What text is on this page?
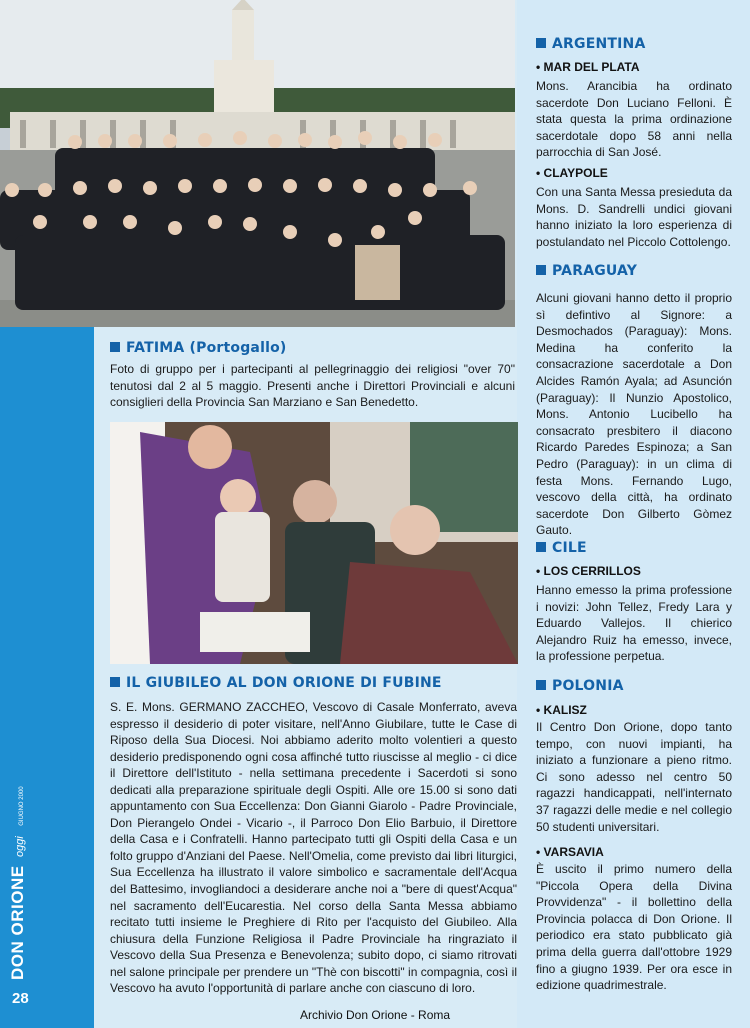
DON ORIONE oggi GIUGNO 2000
28
FATIMA (Portogallo)
Foto di gruppo per i partecipanti al pellegrinaggio dei religiosi "over 70" tenutosi dal 2 al 5 maggio. Presenti anche i Direttori Provinciali e alcuni consiglieri della Provincia San Marziano e San Benedetto.
IL GIUBILEO AL DON ORIONE DI FUBINE
S. E. Mons. GERMANO ZACCHEO, Vescovo di Casale Monferrato, aveva espresso il desiderio di poter visitare, nell'Anno Giubilare, tutte le Case di Riposo della Sua Diocesi. Noi abbiamo aderito molto volentieri a questo desiderio predisponendo ogni cosa affinché tutto riuscisse al meglio - ci dice il Direttore dell'Istituto - nella settimana precedente i Sacerdoti si sono dedicati alla preparazione spirituale degli Ospiti. Alle ore 15.00 si sono dati appuntamento con Sua Eccellenza: Don Gianni Giarolo - Padre Provinciale, Don Pierangelo Ondei - Vicario -, il Parroco Don Elio Barbuio, il Direttore della Casa e i Confratelli. Hanno partecipato tutti gli Ospiti della Casa e un folto gruppo d'Anziani del Paese. Nell'Omelia, come previsto dai libri liturgici, Sua Eccellenza ha illustrato il valore simbolico e sacramentale dell'Acqua del Battesimo, invogliandoci a desiderare anche noi a "bere di quest'Acqua" nel sacramento dell'Eucarestia. Nel corso della Santa Messa abbiamo recitato tutti insieme le Preghiere di Rito per l'acquisto del Giubileo. Alla chiusura della Funzione Religiosa il Padre Provinciale ha ringraziato il Vescovo della Sua Presenza e Benevolenza; subito dopo, ci siamo ritrovati nel salone principale per prendere un "Thè con biscotti" in compagnia, così il Vescovo ha avuto l'opportunità di parlare anche con ciascuno di loro.
ARGENTINA
• MAR DEL PLATA
Mons. Arancibia ha ordinato sacerdote Don Luciano Felloni. È stata questa la prima ordinazione sacerdotale dopo 58 anni nella parrocchia di San José.
• CLAYPOLE
Con una Santa Messa presieduta da Mons. D. Sandrelli undici giovani hanno iniziato la loro esperienza di postulandato nel Piccolo Cottolengo.
PARAGUAY
Alcuni giovani hanno detto il proprio sì defintivo al Signore: a Desmochados (Paraguay): Mons. Medina ha conferito la consacrazione sacerdotale a Don Alcides Ramón Ayala; ad Asunción (Paraguay): Il Nunzio Apostolico, Mons. Antonio Lucibello ha consacrato presbitero il diacono Ricardo Paredes Espinoza; a San Pedro (Paraguay): in un clima di festa Mons. Fernando Lugo, vescovo della città, ha ordinato sacerdote Don Gilberto Gòmez Gauto.
CILE
• LOS CERRILLOS
Hanno emesso la prima professione i novizi: John Tellez, Fredy Lara y Eduardo Vallejos. Il chierico Alejandro Ruiz ha emesso, invece, la professione perpetua.
POLONIA
• KALISZ
Il Centro Don Orione, dopo tanto tempo, con nuovi impianti, ha iniziato a funzionare a pieno ritmo. Ci sono adesso nel centro 50 ragazzi handicappati, nell'internato 37 ragazzi delle medie e nel collegio 50 studenti universitari.
• VARSAVIA
È uscito il primo numero della "Piccola Opera della Divina Provvidenza" - il bollettino della Provincia polacca di Don Orione. Il periodico era stato pubblicato già prima della guerra dall'ottobre 1929 fino a giugno 1939. Per ora esce in edizione quadrimestrale.
Archivio Don Orione - Roma
